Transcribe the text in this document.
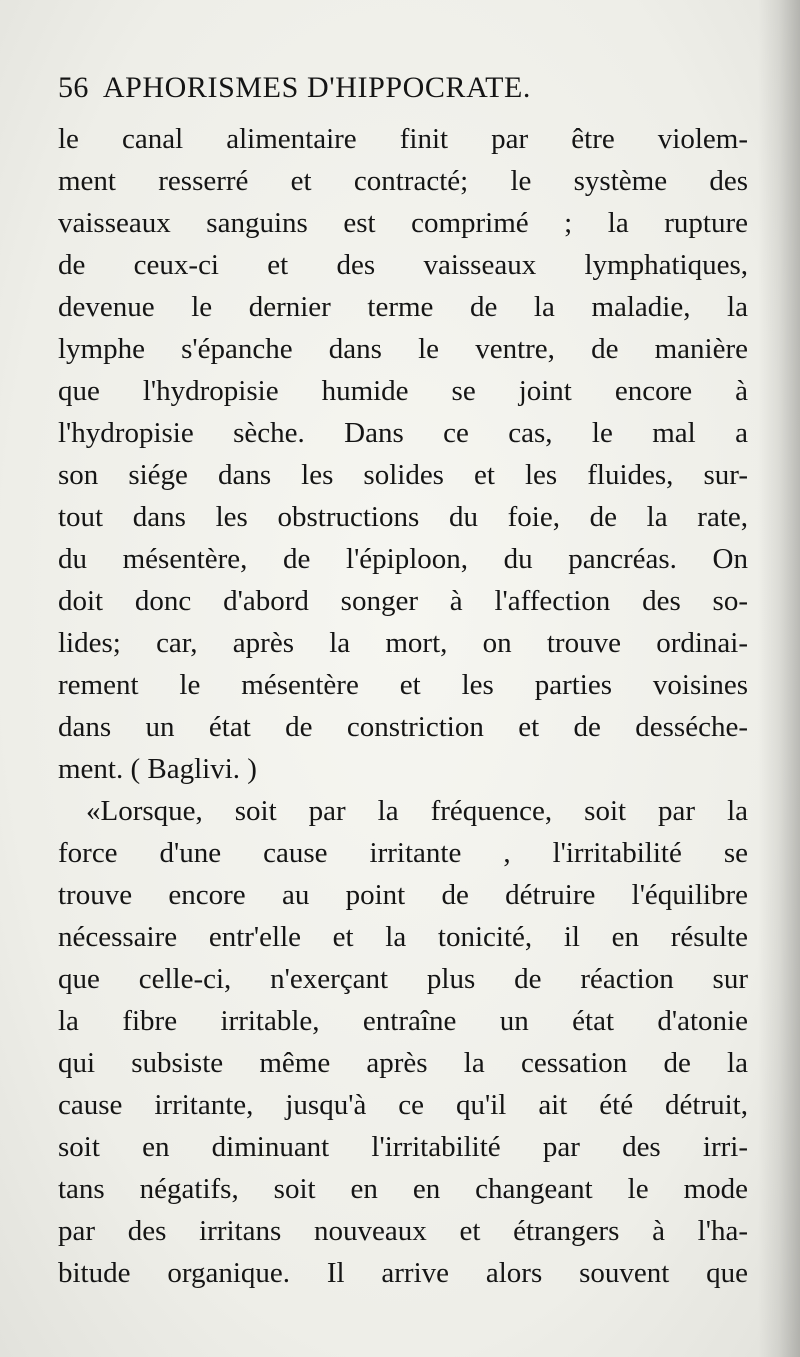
56 APHORISMES D'HIPPOCRATE.
le canal alimentaire finit par être violem-
ment resserré et contracté; le système des
vaisseaux sanguins est comprimé ; la rupture
de ceux-ci et des vaisseaux lymphatiques,
devenue le dernier terme de la maladie, la
lymphe s'épanche dans le ventre, de manière
que l'hydropisie humide se joint encore à
l'hydropisie sèche. Dans ce cas, le mal a
son siége dans les solides et les fluides, sur-
tout dans les obstructions du foie, de la rate,
du mésentère, de l'épiploon, du pancréas. On
doit donc d'abord songer à l'affection des so-
lides; car, après la mort, on trouve ordinai-
rement le mésentère et les parties voisines
dans un état de constriction et de desséche-
ment. ( Baglivi. )
«Lorsque, soit par la fréquence, soit par la
force d'une cause irritante , l'irritabilité se
trouve encore au point de détruire l'équilibre
nécessaire entr'elle et la tonicité, il en résulte
que celle-ci, n'exerçant plus de réaction sur
la fibre irritable, entraîne un état d'atonie
qui subsiste même après la cessation de la
cause irritante, jusqu'à ce qu'il ait été détruit,
soit en diminuant l'irritabilité par des irri-
tans négatifs, soit en en changeant le mode
par des irritans nouveaux et étrangers à l'ha-
bitude organique. Il arrive alors souvent que
